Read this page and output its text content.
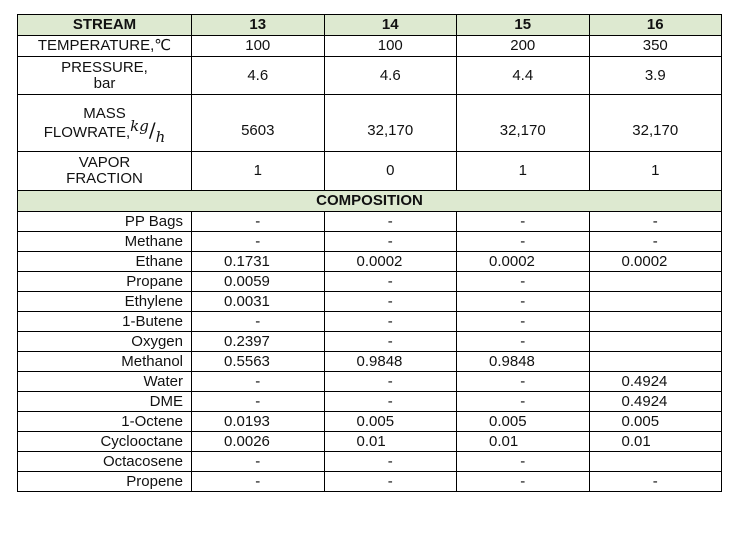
STREAM	13	14	15	16
TEMPERATURE,℃	100	100	200	350

PRESSURE,
bar	4.6	4.6	4.4	3.9

MASS
FLOWRATE,kg/h	5603	32,170	32,170	32,170

VAPOR
FRACTION	1	0	1	1
COMPOSITION				
PP Bags	-	-	-	-
Methane	-	-	-	-
Ethane	0.1731	0.0002	0.0002	0.0002
Propane	0.0059	-	-	
Ethylene	0.0031	-	-	
1-Butene	-	-	-	
Oxygen	0.2397	-	-	
Methanol	0.5563	0.9848	0.9848	
Water	-	-	-	0.4924
DME	-	-	-	0.4924
1-Octene	0.0193	0.005	0.005	0.005
Cyclooctane	0.0026	0.01	0.01	0.01
Octacosene	-	-	-	
Propene	-	-	-	-
